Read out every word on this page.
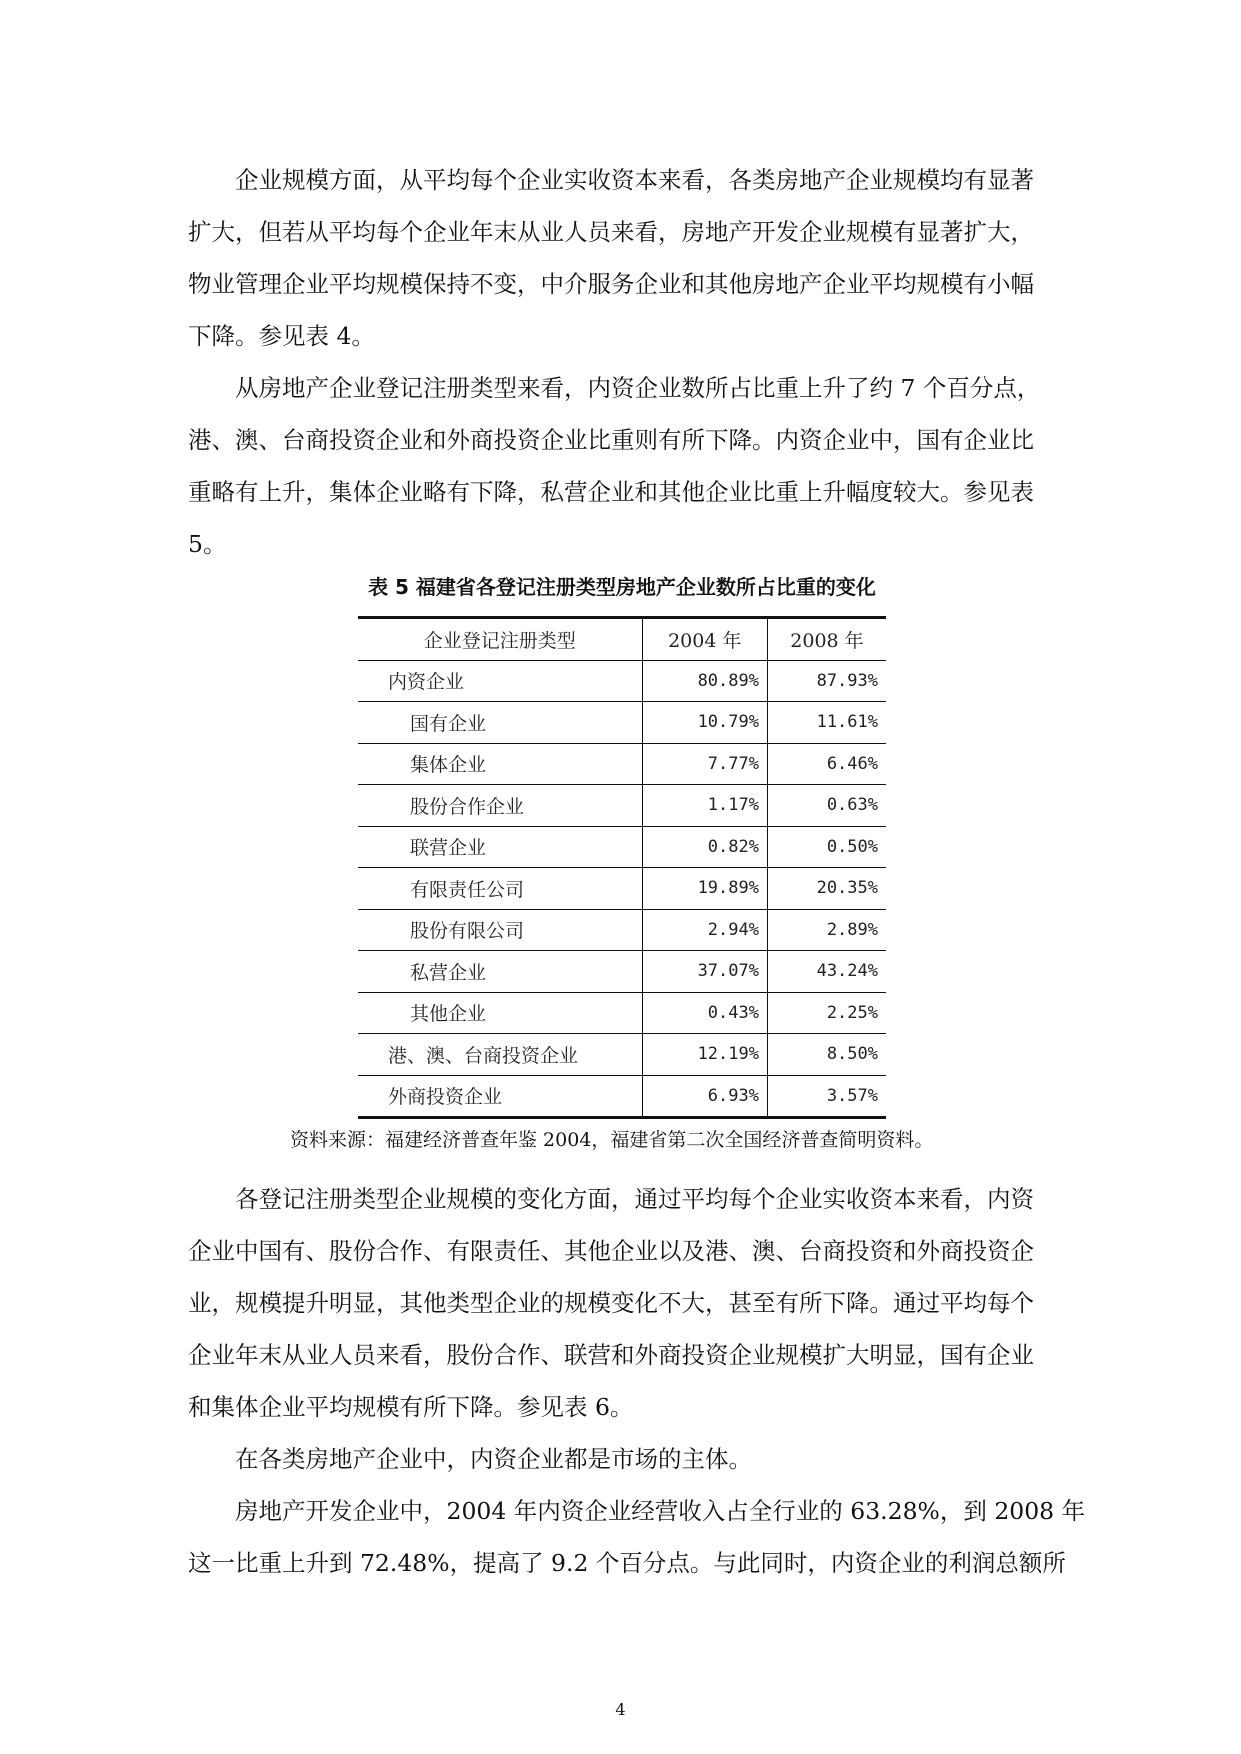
企业规模方面，从平均每个企业实收资本来看，各类房地产企业规模均有显著
扩大，但若从平均每个企业年末从业人员来看，房地产开发企业规模有显著扩大，
物业管理企业平均规模保持不变，中介服务企业和其他房地产企业平均规模有小幅
下降。参见表 4。

从房地产企业登记注册类型来看，内资企业数所占比重上升了约 7 个百分点，
港、澳、台商投资企业和外商投资企业比重则有所下降。内资企业中，国有企业比
重略有上升，集体企业略有下降，私营企业和其他企业比重上升幅度较大。参见表
5。

表 5 福建省各登记注册类型房地产企业数所占比重的变化
企业登记注册类型	2004 年	2008 年
内资企业	80.89%	87.93%
国有企业	10.79%	11.61%
集体企业	7.77%	6.46%
股份合作企业	1.17%	0.63%
联营企业	0.82%	0.50%
有限责任公司	19.89%	20.35%
股份有限公司	2.94%	2.89%
私营企业	37.07%	43.24%
其他企业	0.43%	2.25%
港、澳、台商投资企业	12.19%	8.50%
外商投资企业	6.93%	3.57%
资料来源：福建经济普查年鉴 2004，福建省第二次全国经济普查简明资料。

各登记注册类型企业规模的变化方面，通过平均每个企业实收资本来看，内资
企业中国有、股份合作、有限责任、其他企业以及港、澳、台商投资和外商投资企
业，规模提升明显，其他类型企业的规模变化不大，甚至有所下降。通过平均每个
企业年末从业人员来看，股份合作、联营和外商投资企业规模扩大明显，国有企业
和集体企业平均规模有所下降。参见表 6。

在各类房地产企业中，内资企业都是市场的主体。

房地产开发企业中，2004 年内资企业经营收入占全行业的 63.28%，到 2008 年
这一比重上升到 72.48%，提高了 9.2 个百分点。与此同时，内资企业的利润总额所

4
